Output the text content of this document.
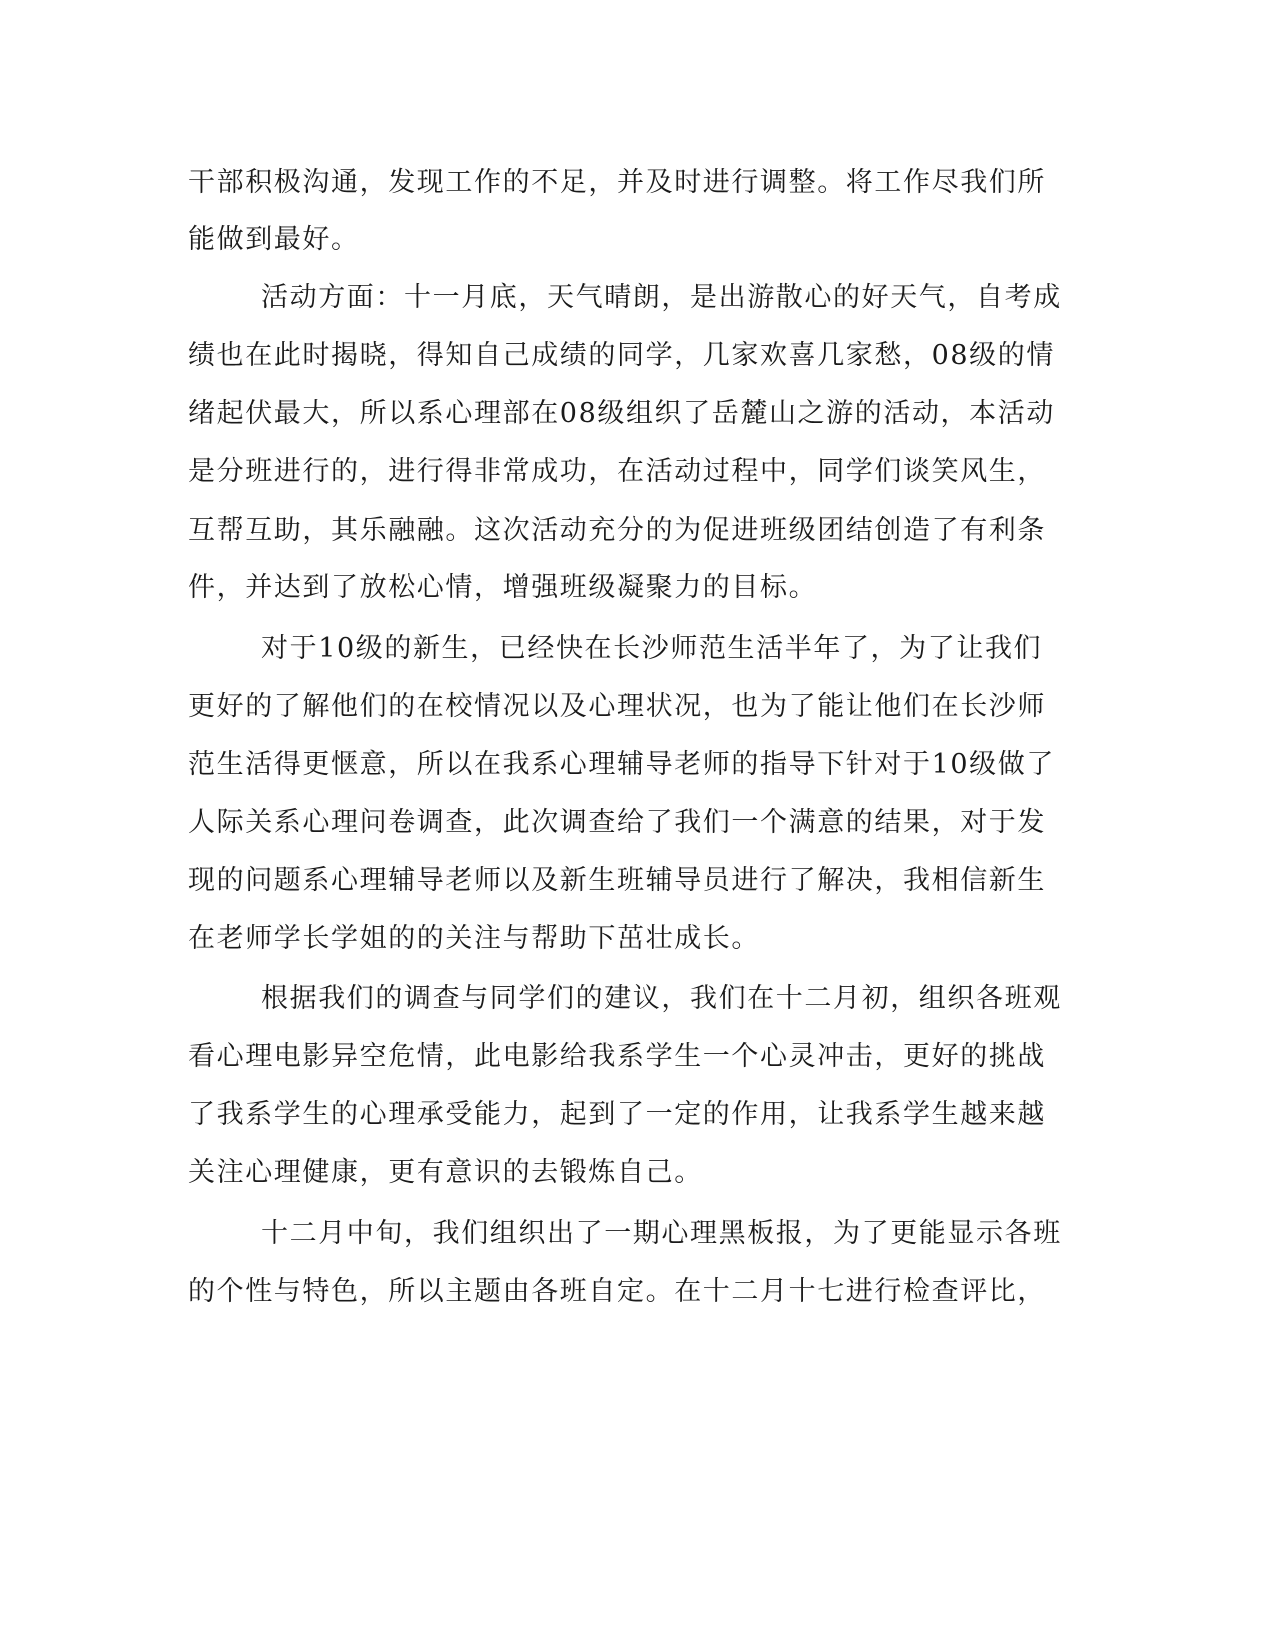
干部积极沟通，发现工作的不足，并及时进行调整。将工作尽我们所
能做到最好。
活动方面：十一月底，天气晴朗，是出游散心的好天气，自考成
绩也在此时揭晓，得知自己成绩的同学，几家欢喜几家愁，08级的情
绪起伏最大，所以系心理部在08级组织了岳麓山之游的活动，本活动
是分班进行的，进行得非常成功，在活动过程中，同学们谈笑风生，
互帮互助，其乐融融。这次活动充分的为促进班级团结创造了有利条
件，并达到了放松心情，增强班级凝聚力的目标。
对于10级的新生，已经快在长沙师范生活半年了，为了让我们
更好的了解他们的在校情况以及心理状况，也为了能让他们在长沙师
范生活得更惬意，所以在我系心理辅导老师的指导下针对于10级做了
人际关系心理问卷调查，此次调查给了我们一个满意的结果，对于发
现的问题系心理辅导老师以及新生班辅导员进行了解决，我相信新生
在老师学长学姐的的关注与帮助下茁壮成长。
根据我们的调查与同学们的建议，我们在十二月初，组织各班观
看心理电影异空危情，此电影给我系学生一个心灵冲击，更好的挑战
了我系学生的心理承受能力，起到了一定的作用，让我系学生越来越
关注心理健康，更有意识的去锻炼自己。
十二月中旬，我们组织出了一期心理黑板报，为了更能显示各班
的个性与特色，所以主题由各班自定。在十二月十七进行检查评比，
